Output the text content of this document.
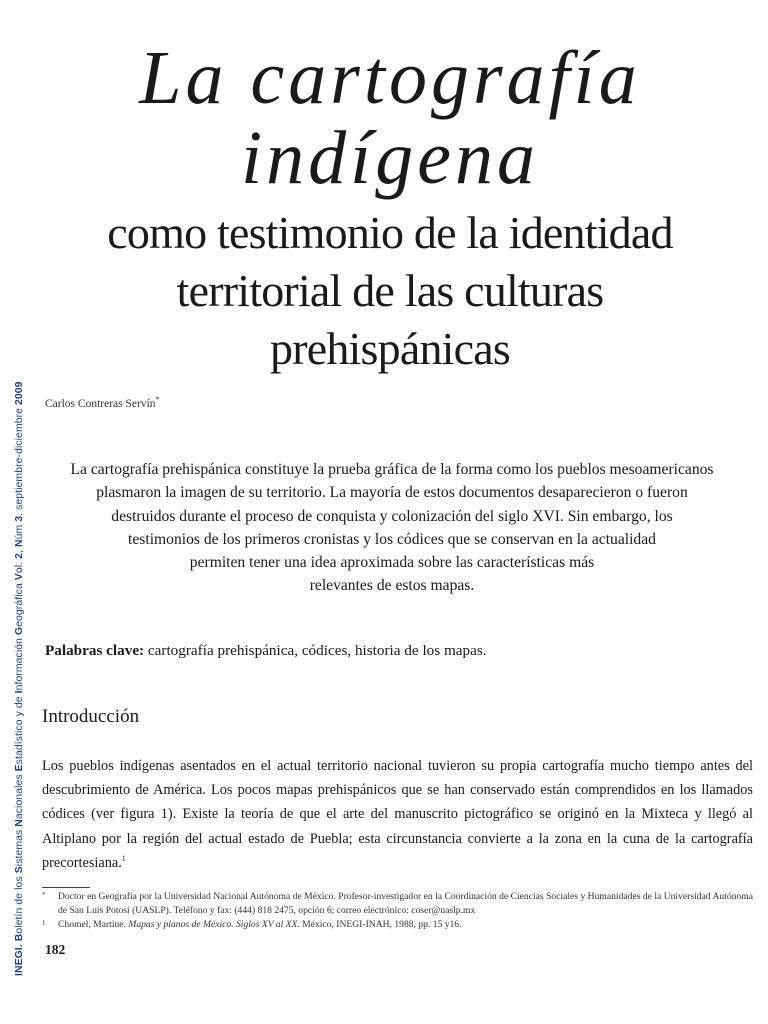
INEGI. Boletín de los Sistemas Nacionales Estadístico y de Información Geográfica Vol. 2, Núm 3. septiembre-diciembre 2009
La cartografía
indígena
como testimonio de la identidad
territorial de las culturas
prehispánicas
Carlos Contreras Servín*

La cartografía prehispánica constituye la prueba gráfica de la forma como los pueblos mesoamericanos
plasmaron la imagen de su territorio. La mayoría de estos documentos desaparecieron o fueron
destruidos durante el proceso de conquista y colonización del siglo XVI. Sin embargo, los
testimonios de los primeros cronistas y los códices que se conservan en la actualidad
permiten tener una idea aproximada sobre las características más
relevantes de estos mapas.

Palabras clave: cartografía prehispánica, códices, historia de los mapas.
Introducción

Los pueblos indígenas asentados en el actual territorio nacional tuvieron su propia cartografía mucho tiempo antes del descubrimiento de América. Los pocos mapas prehispánicos que se han conservado están comprendidos en los llamados códices (ver figura 1). Existe la teoría de que el arte del manuscrito pictográfico se originó en la Mixteca y llegó al Altiplano por la región del actual estado de Puebla; esta circunstancia convierte a la zona en la cuna de la cartografía precortesiana.$^1$

* Doctor en Geografía por la Universidad Nacional Autónoma de México. Profesor-investigador en la Coordinación de Ciencias Sociales y Humanidades de la Universidad Autónoma de San Luis Potosí (UASLP). Teléfono y fax: (444) 818 2475, opción 6; correo electrónico: coser@uaslp.mx
1 Chomel, Martine. Mapas y planos de México. Siglos XV al XX. México, INEGI-INAH, 1988, pp. 15 y16.
182
